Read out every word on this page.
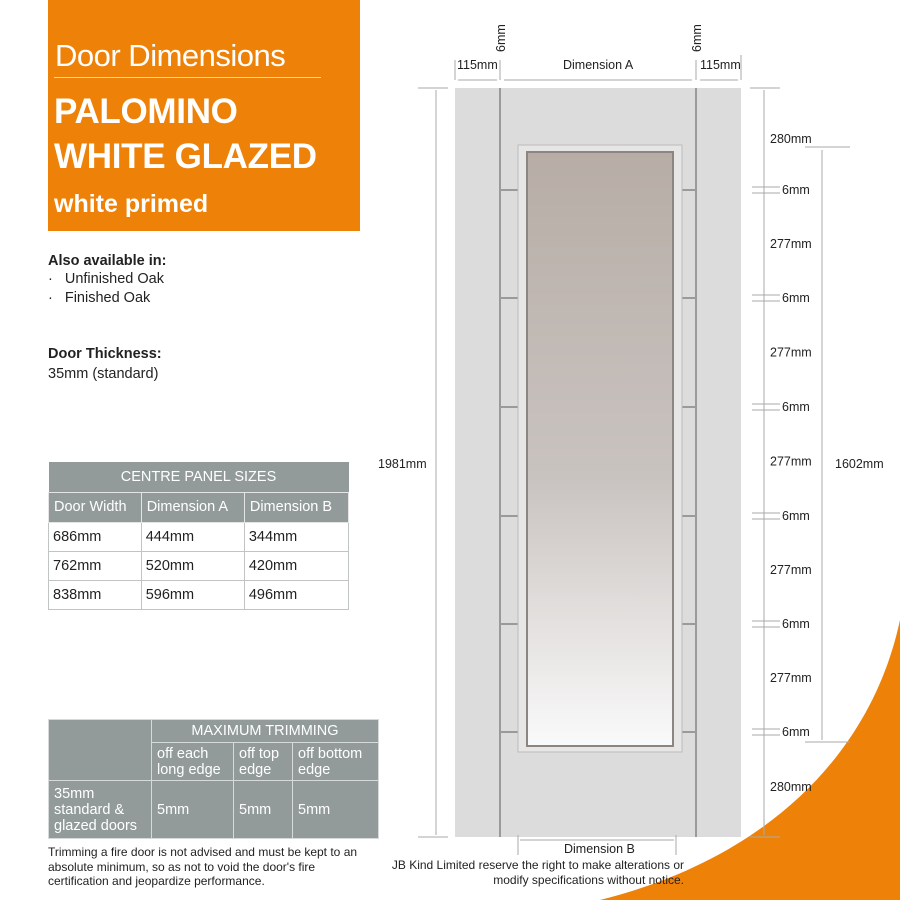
115mm	115mm
Dimension A
6mm	6mm
1981mm	1602mm
Dimension B
280mm
6mm
277mm
6mm
277mm
6mm
277mm
6mm
277mm
6mm
277mm
6mm
280mm
Door Dimensions
PALOMINO
WHITE GLAZED
white primed
Also available in:
· Unfinished Oak
· Finished Oak
Door Thickness:
35mm (standard)
CENTRE PANEL SIZES		
Door Width	Dimension A	Dimension B
686mm	444mm	344mm
762mm	520mm	420mm
838mm	596mm	496mm
	MAXIMUM TRIMMING		
	off each long edge	off top edge	off bottom edge
35mm standard & glazed doors	5mm	5mm	5mm
Trimming a fire door is not advised and must be kept to an absolute minimum, so as not to void the door's fire certification and jeopardize performance.
JB Kind Limited reserve the right to make alterations or
modify specifications without notice.
